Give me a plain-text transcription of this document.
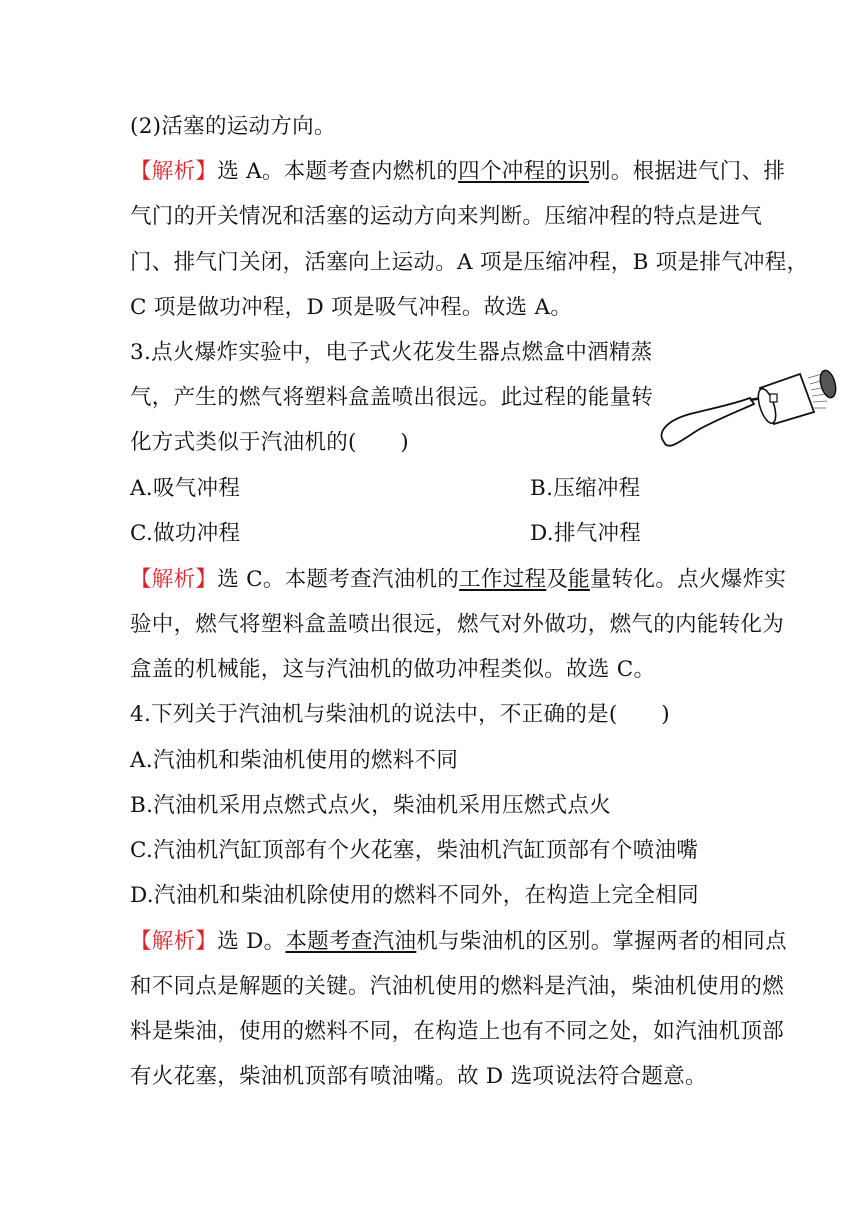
(2)活塞的运动方向。
【解析】选 A。本题考查内燃机的四个冲程的识别。根据进气门、排
气门的开关情况和活塞的运动方向来判断。压缩冲程的特点是进气
门、排气门关闭，活塞向上运动。A 项是压缩冲程，B 项是排气冲程，
C 项是做功冲程，D 项是吸气冲程。故选 A。
3.点火爆炸实验中，电子式火花发生器点燃盒中酒精蒸
气，产生的燃气将塑料盒盖喷出很远。此过程的能量转
化方式类似于汽油机的(　　)
A.吸气冲程	B.压缩冲程
C.做功冲程	D.排气冲程
【解析】选 C。本题考查汽油机的工作过程及能量转化。点火爆炸实
验中，燃气将塑料盒盖喷出很远，燃气对外做功，燃气的内能转化为
盒盖的机械能，这与汽油机的做功冲程类似。故选 C。
4.下列关于汽油机与柴油机的说法中，不正确的是(　　)
A.汽油机和柴油机使用的燃料不同
B.汽油机采用点燃式点火，柴油机采用压燃式点火
C.汽油机汽缸顶部有个火花塞，柴油机汽缸顶部有个喷油嘴
D.汽油机和柴油机除使用的燃料不同外，在构造上完全相同
【解析】选 D。本题考查汽油机与柴油机的区别。掌握两者的相同点
和不同点是解题的关键。汽油机使用的燃料是汽油，柴油机使用的燃
料是柴油，使用的燃料不同，在构造上也有不同之处，如汽油机顶部
有火花塞，柴油机顶部有喷油嘴。故 D 选项说法符合题意。
